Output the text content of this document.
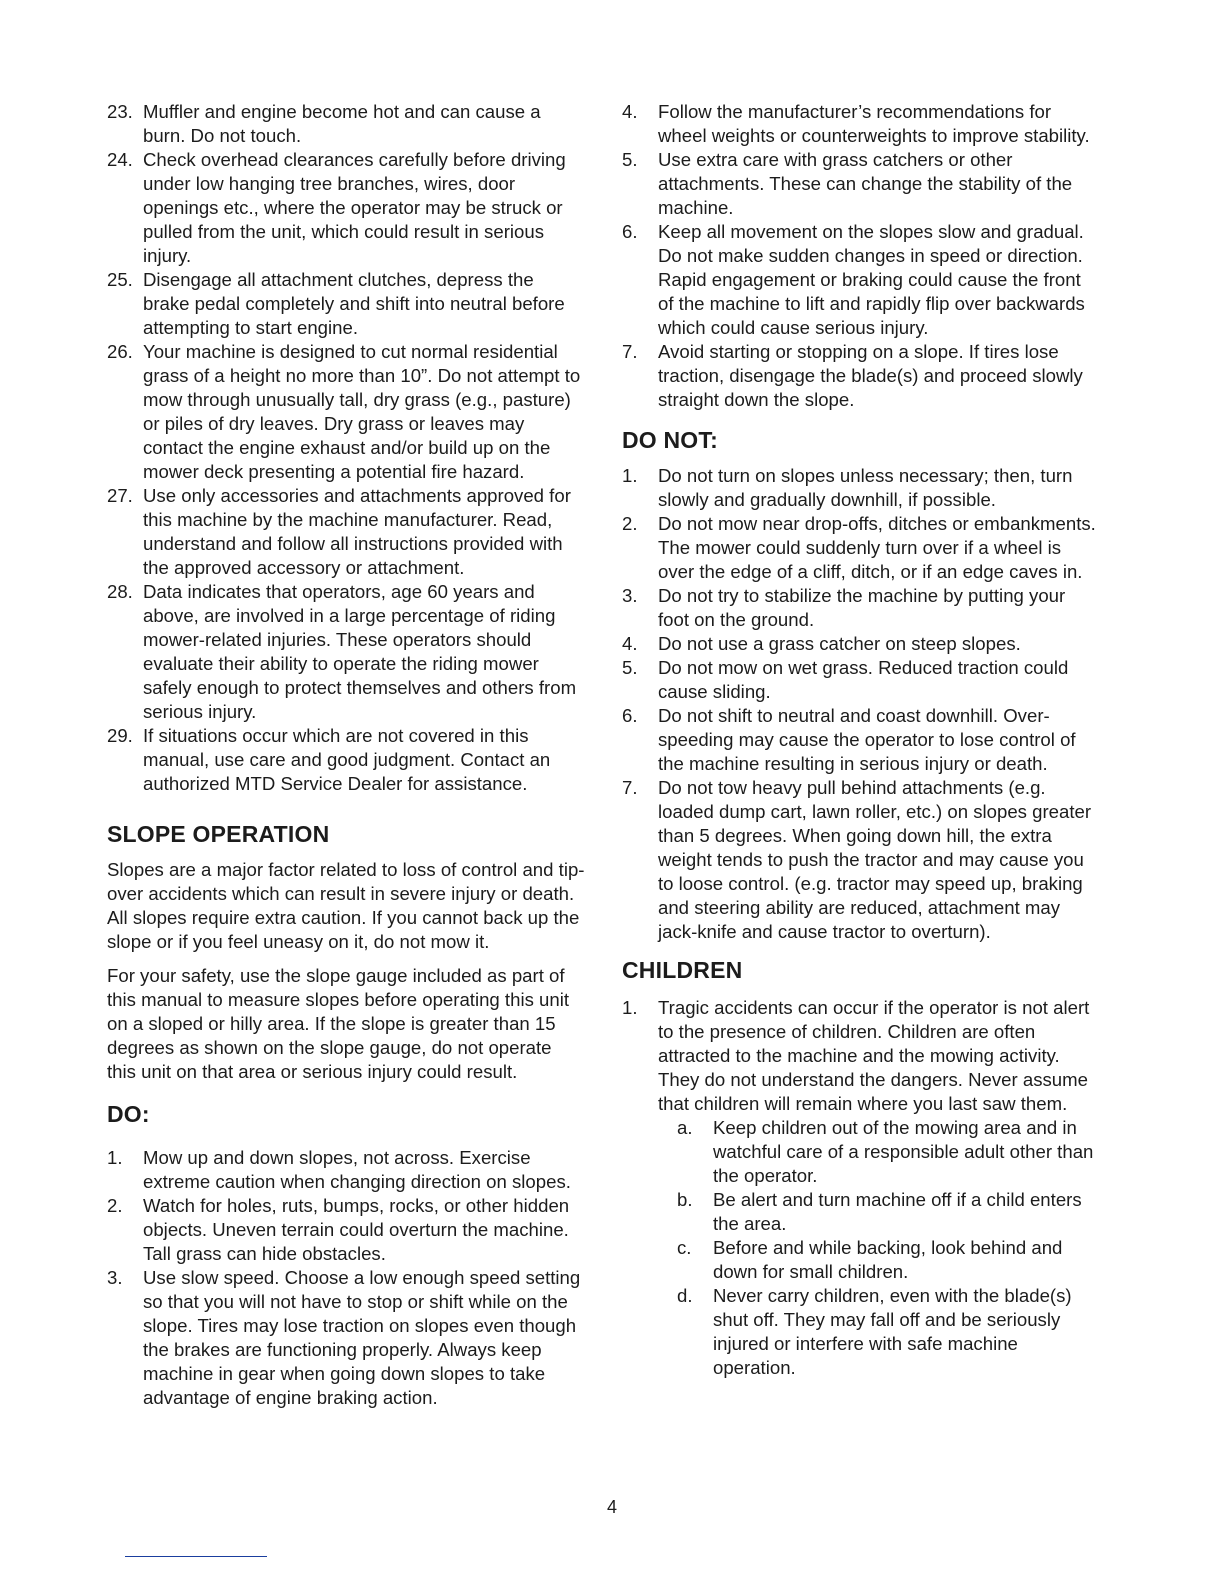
23. Muffler and engine become hot and can cause a burn. Do not touch.
24. Check overhead clearances carefully before driving under low hanging tree branches, wires, door openings etc., where the operator may be struck or pulled from the unit, which could result in serious injury.
25. Disengage all attachment clutches, depress the brake pedal completely and shift into neutral before attempting to start engine.
26. Your machine is designed to cut normal residential grass of a height no more than 10”. Do not attempt to mow through unusually tall, dry grass (e.g., pasture) or piles of dry leaves. Dry grass or leaves may contact the engine exhaust and/or build up on the mower deck presenting a potential fire hazard.
27. Use only accessories and attachments approved for this machine by the machine manufacturer. Read, understand and follow all instructions provided with the approved accessory or attachment.
28. Data indicates that operators, age 60 years and above, are involved in a large percentage of riding mower-related injuries. These operators should evaluate their ability to operate the riding mower safely enough to protect themselves and others from serious injury.
29. If situations occur which are not covered in this manual, use care and good judgment. Contact an authorized MTD Service Dealer for assistance.
SLOPE OPERATION

Slopes are a major factor related to loss of control and tip-over accidents which can result in severe injury or death. All slopes require extra caution. If you cannot back up the slope or if you feel uneasy on it, do not mow it.

For your safety, use the slope gauge included as part of this manual to measure slopes before operating this unit on a sloped or hilly area. If the slope is greater than 15 degrees as shown on the slope gauge, do not operate this unit on that area or serious injury could result.

DO:
1. Mow up and down slopes, not across. Exercise extreme caution when changing direction on slopes.
2. Watch for holes, ruts, bumps, rocks, or other hidden objects. Uneven terrain could overturn the machine. Tall grass can hide obstacles.
3. Use slow speed. Choose a low enough speed setting so that you will not have to stop or shift while on the slope. Tires may lose traction on slopes even though the brakes are functioning properly. Always keep machine in gear when going down slopes to take advantage of engine braking action.
4. Follow the manufacturer’s recommendations for wheel weights or counterweights to improve stability.
5. Use extra care with grass catchers or other attachments. These can change the stability of the machine.
6. Keep all movement on the slopes slow and gradual. Do not make sudden changes in speed or direction. Rapid engagement or braking could cause the front of the machine to lift and rapidly flip over backwards which could cause serious injury.
7. Avoid starting or stopping on a slope. If tires lose traction, disengage the blade(s) and proceed slowly straight down the slope.
DO NOT:
1. Do not turn on slopes unless necessary; then, turn slowly and gradually downhill, if possible.
2. Do not mow near drop-offs, ditches or embankments. The mower could suddenly turn over if a wheel is over the edge of a cliff, ditch, or if an edge caves in.
3. Do not try to stabilize the machine by putting your foot on the ground.
4. Do not use a grass catcher on steep slopes.
5. Do not mow on wet grass. Reduced traction could cause sliding.
6. Do not shift to neutral and coast downhill. Over-speeding may cause the operator to lose control of the machine resulting in serious injury or death.
7. Do not tow heavy pull behind attachments (e.g. loaded dump cart, lawn roller, etc.) on slopes greater than 5 degrees. When going down hill, the extra weight tends to push the tractor and may cause you to loose control. (e.g. tractor may speed up, braking and steering ability are reduced, attachment may jack-knife and cause tractor to overturn).
CHILDREN
1. Tragic accidents can occur if the operator is not alert to the presence of children. Children are often attracted to the machine and the mowing activity. They do not understand the dangers. Never assume that children will remain where you last saw them.
a. Keep children out of the mowing area and in watchful care of a responsible adult other than the operator.
b. Be alert and turn machine off if a child enters the area.
c. Before and while backing, look behind and down for small children.
d. Never carry children, even with the blade(s) shut off. They may fall off and be seriously injured or interfere with safe machine operation.
4
